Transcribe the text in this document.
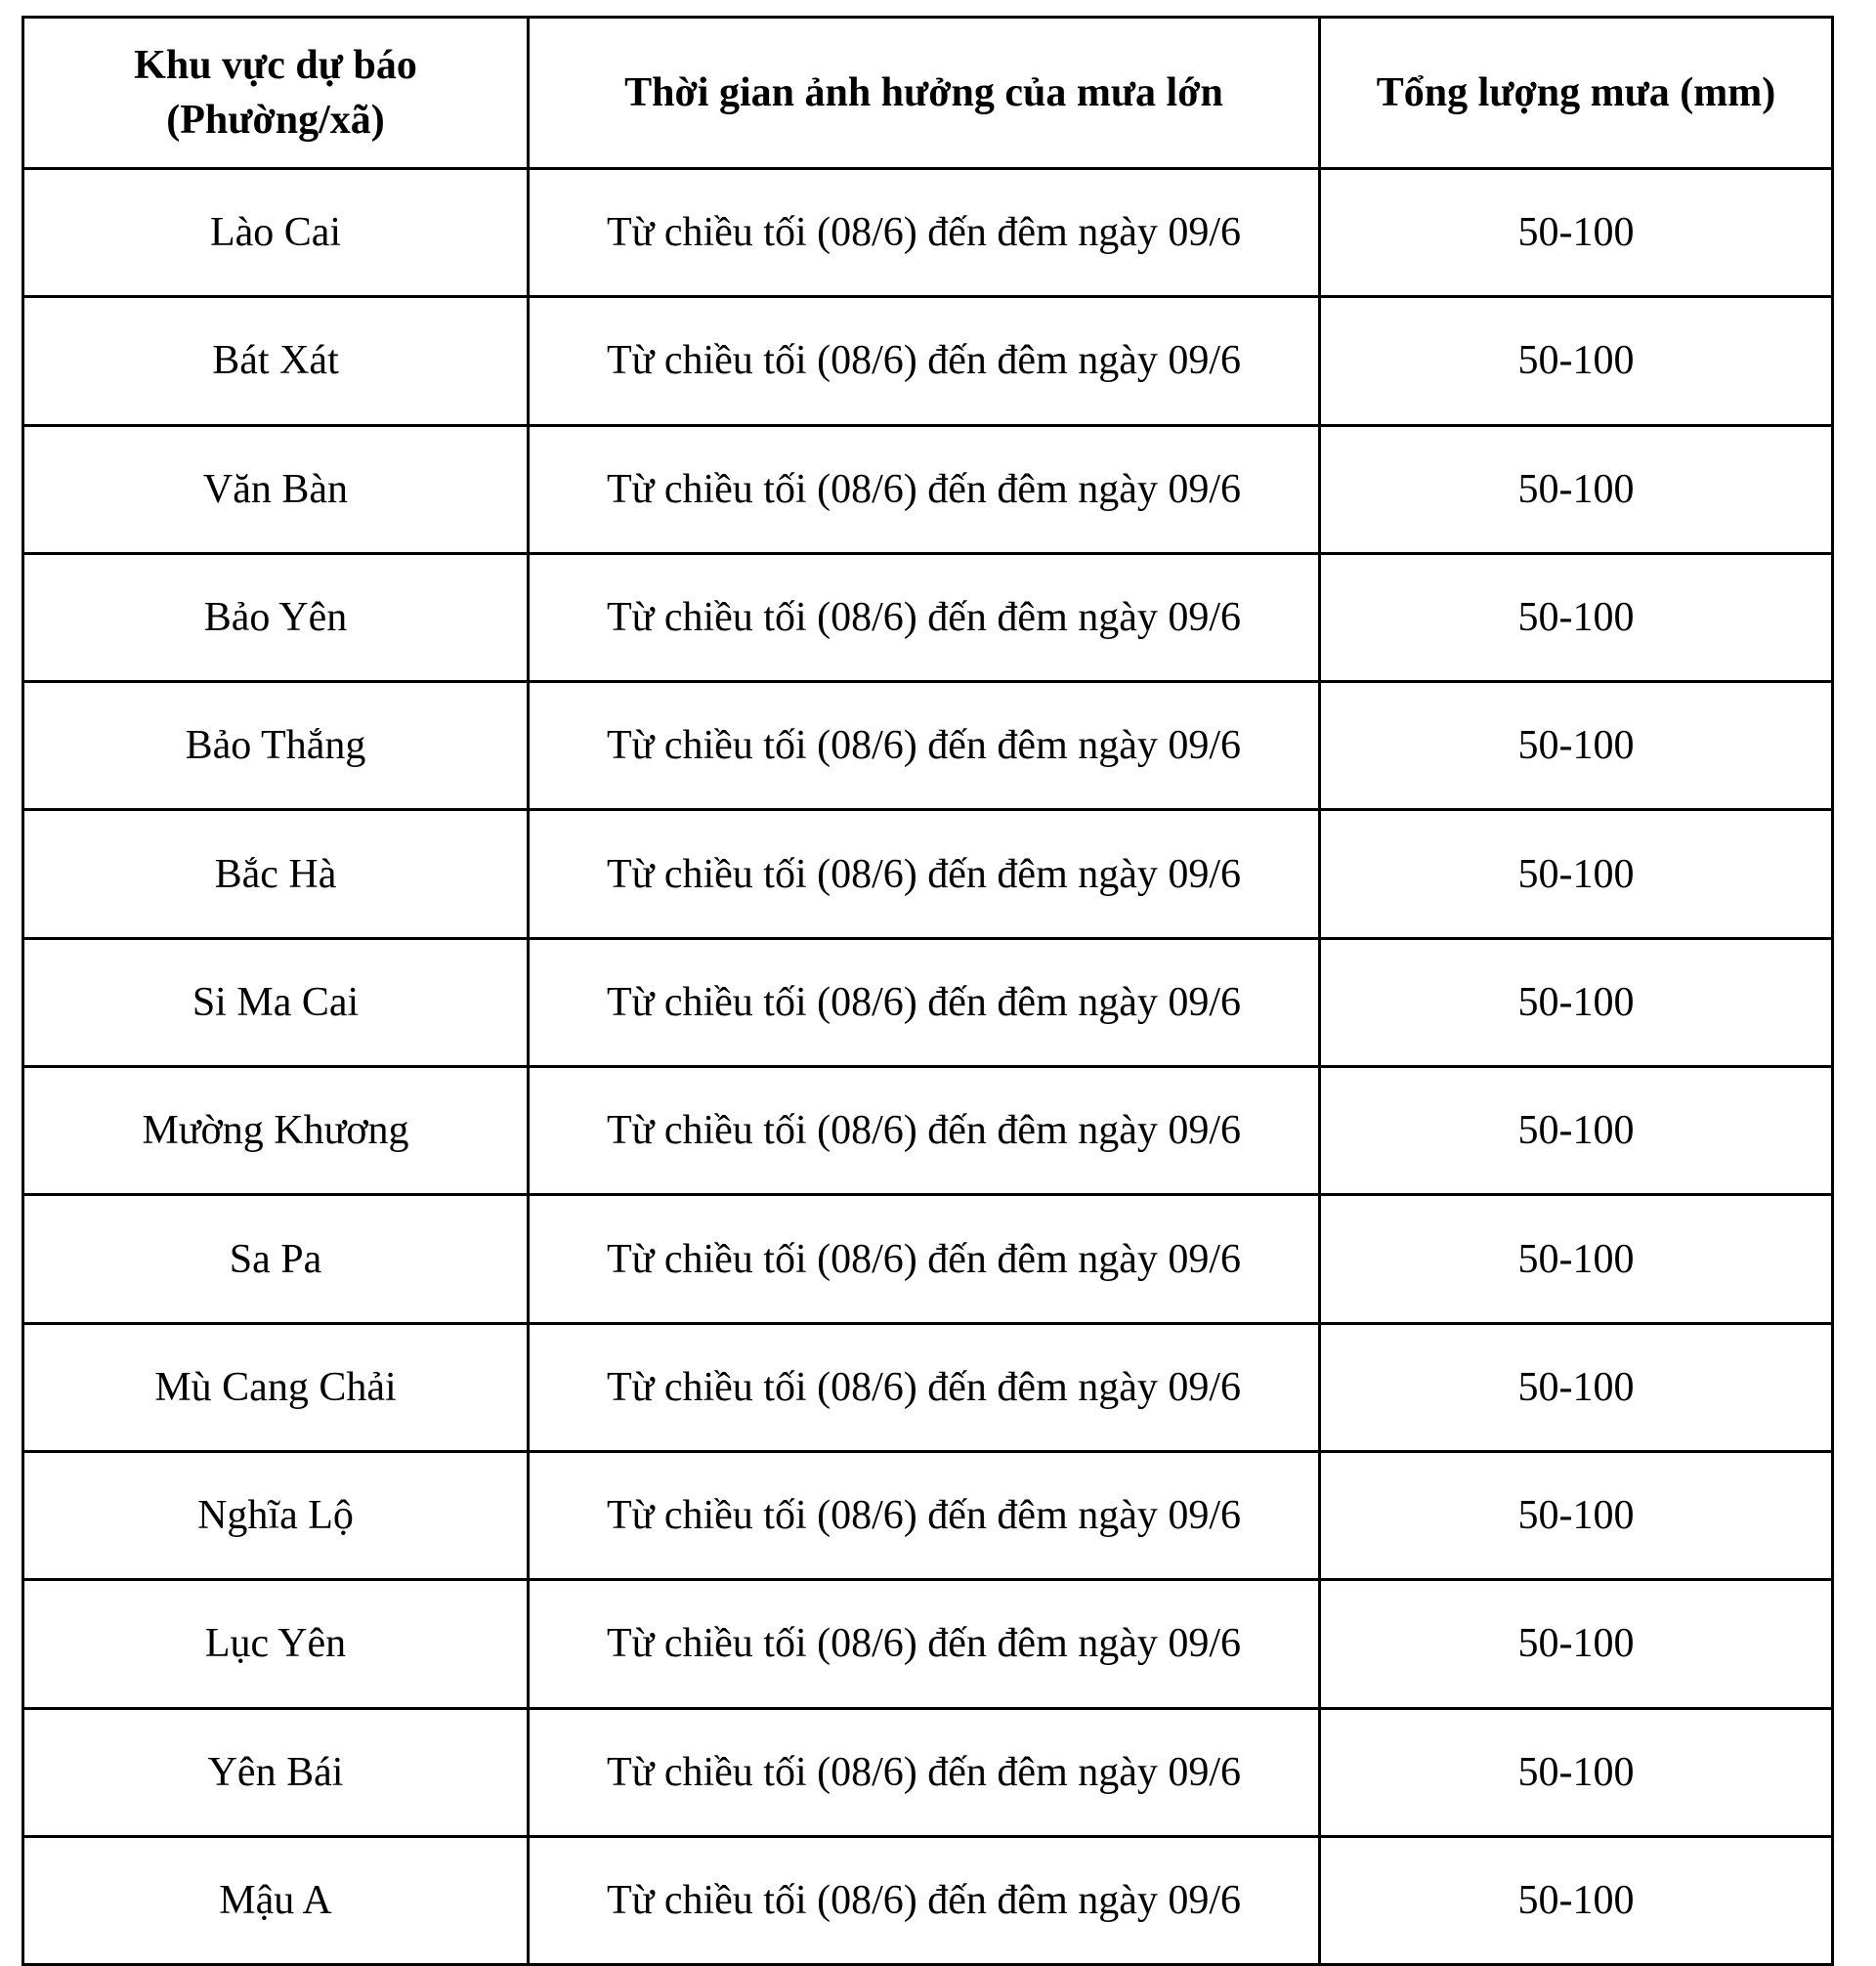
Khu vực dự báo
(Phường/xã)	Thời gian ảnh hưởng của mưa lớn	Tổng lượng mưa (mm)
Lào Cai	Từ chiều tối (08/6) đến đêm ngày 09/6	50-100
Bát Xát	Từ chiều tối (08/6) đến đêm ngày 09/6	50-100
Văn Bàn	Từ chiều tối (08/6) đến đêm ngày 09/6	50-100
Bảo Yên	Từ chiều tối (08/6) đến đêm ngày 09/6	50-100
Bảo Thắng	Từ chiều tối (08/6) đến đêm ngày 09/6	50-100
Bắc Hà	Từ chiều tối (08/6) đến đêm ngày 09/6	50-100
Si Ma Cai	Từ chiều tối (08/6) đến đêm ngày 09/6	50-100
Mường Khương	Từ chiều tối (08/6) đến đêm ngày 09/6	50-100
Sa Pa	Từ chiều tối (08/6) đến đêm ngày 09/6	50-100
Mù Cang Chải	Từ chiều tối (08/6) đến đêm ngày 09/6	50-100
Nghĩa Lộ	Từ chiều tối (08/6) đến đêm ngày 09/6	50-100
Lục Yên	Từ chiều tối (08/6) đến đêm ngày 09/6	50-100
Yên Bái	Từ chiều tối (08/6) đến đêm ngày 09/6	50-100
Mậu A	Từ chiều tối (08/6) đến đêm ngày 09/6	50-100
